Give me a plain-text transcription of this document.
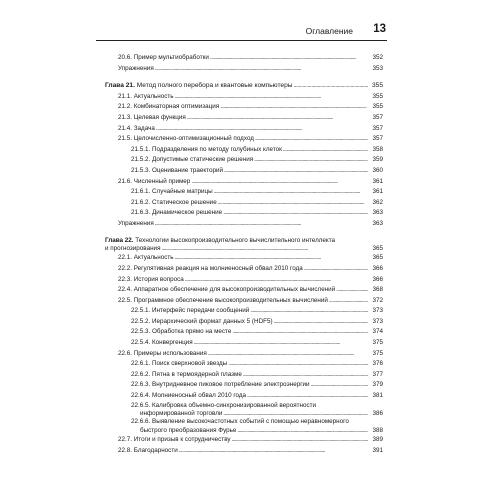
Оглавление 13
20.6. Пример мультиобработки . . .	352
Упражнения . . .	353
Глава 21. Метод полного перебора и квантовые компьютеры . . .	355
21.1. Актуальность . . .	355
21.2. Комбинаторная оптимизация . . .	355
21.3. Целевая функция . . .	357
21.4. Задача . . .	357
21.5. Целочисленно-оптимизационный подход . . .	357
21.5.1. Подразделения по методу голубиных клеток . . .	358
21.5.2. Допустимые статические решения . . .	359
21.5.3. Оценивание траекторий . . .	360
21.6. Численный пример . . .	361
21.6.1. Случайные матрицы . . .	361
21.6.2. Статическое решение . . .	362
21.6.3. Динамическое решение . . .	363
Упражнения . . .	363
Глава 22. Технологии высокопроизводительного вычислительного интеллекта
и прогнозирования . . .	365
22.1. Актуальность . . .	365
22.2. Регулятивная реакция на молниеносный обвал 2010 года . . .	366
22.3. История вопроса . . .	366
22.4. Аппаратное обеспечение для высокопроизводительных вычислений . . .	368
22.5. Программное обеспечение высокопроизводительных вычислений . . .	372
22.5.1. Интерфейс передачи сообщений . . .	373
22.5.2. Иерархический формат данных 5 (HDF5) . . .	373
22.5.3. Обработка прямо на месте . . .	374
22.5.4. Конвергенция . . .	375
22.6. Примеры использования . . .	375
22.6.1. Поиск сверхновой звезды . . .	376
22.6.2. Пятна в термоядерной плазме . . .	377
22.6.3. Внутридневное пиковое потребление электроэнергии . . .	379
22.6.4. Молниеносный обвал 2010 года . . .	381
22.6.5. Калибровка объемно-синхронизированной вероятности
информированной торговли . . .	386
22.6.6. Выявление высокочастотных событий с помощью неравномерного
быстрого преобразования Фурье . . .	388
22.7. Итоги и призыв к сотрудничеству . . .	389
22.8. Благодарности . . .	391
